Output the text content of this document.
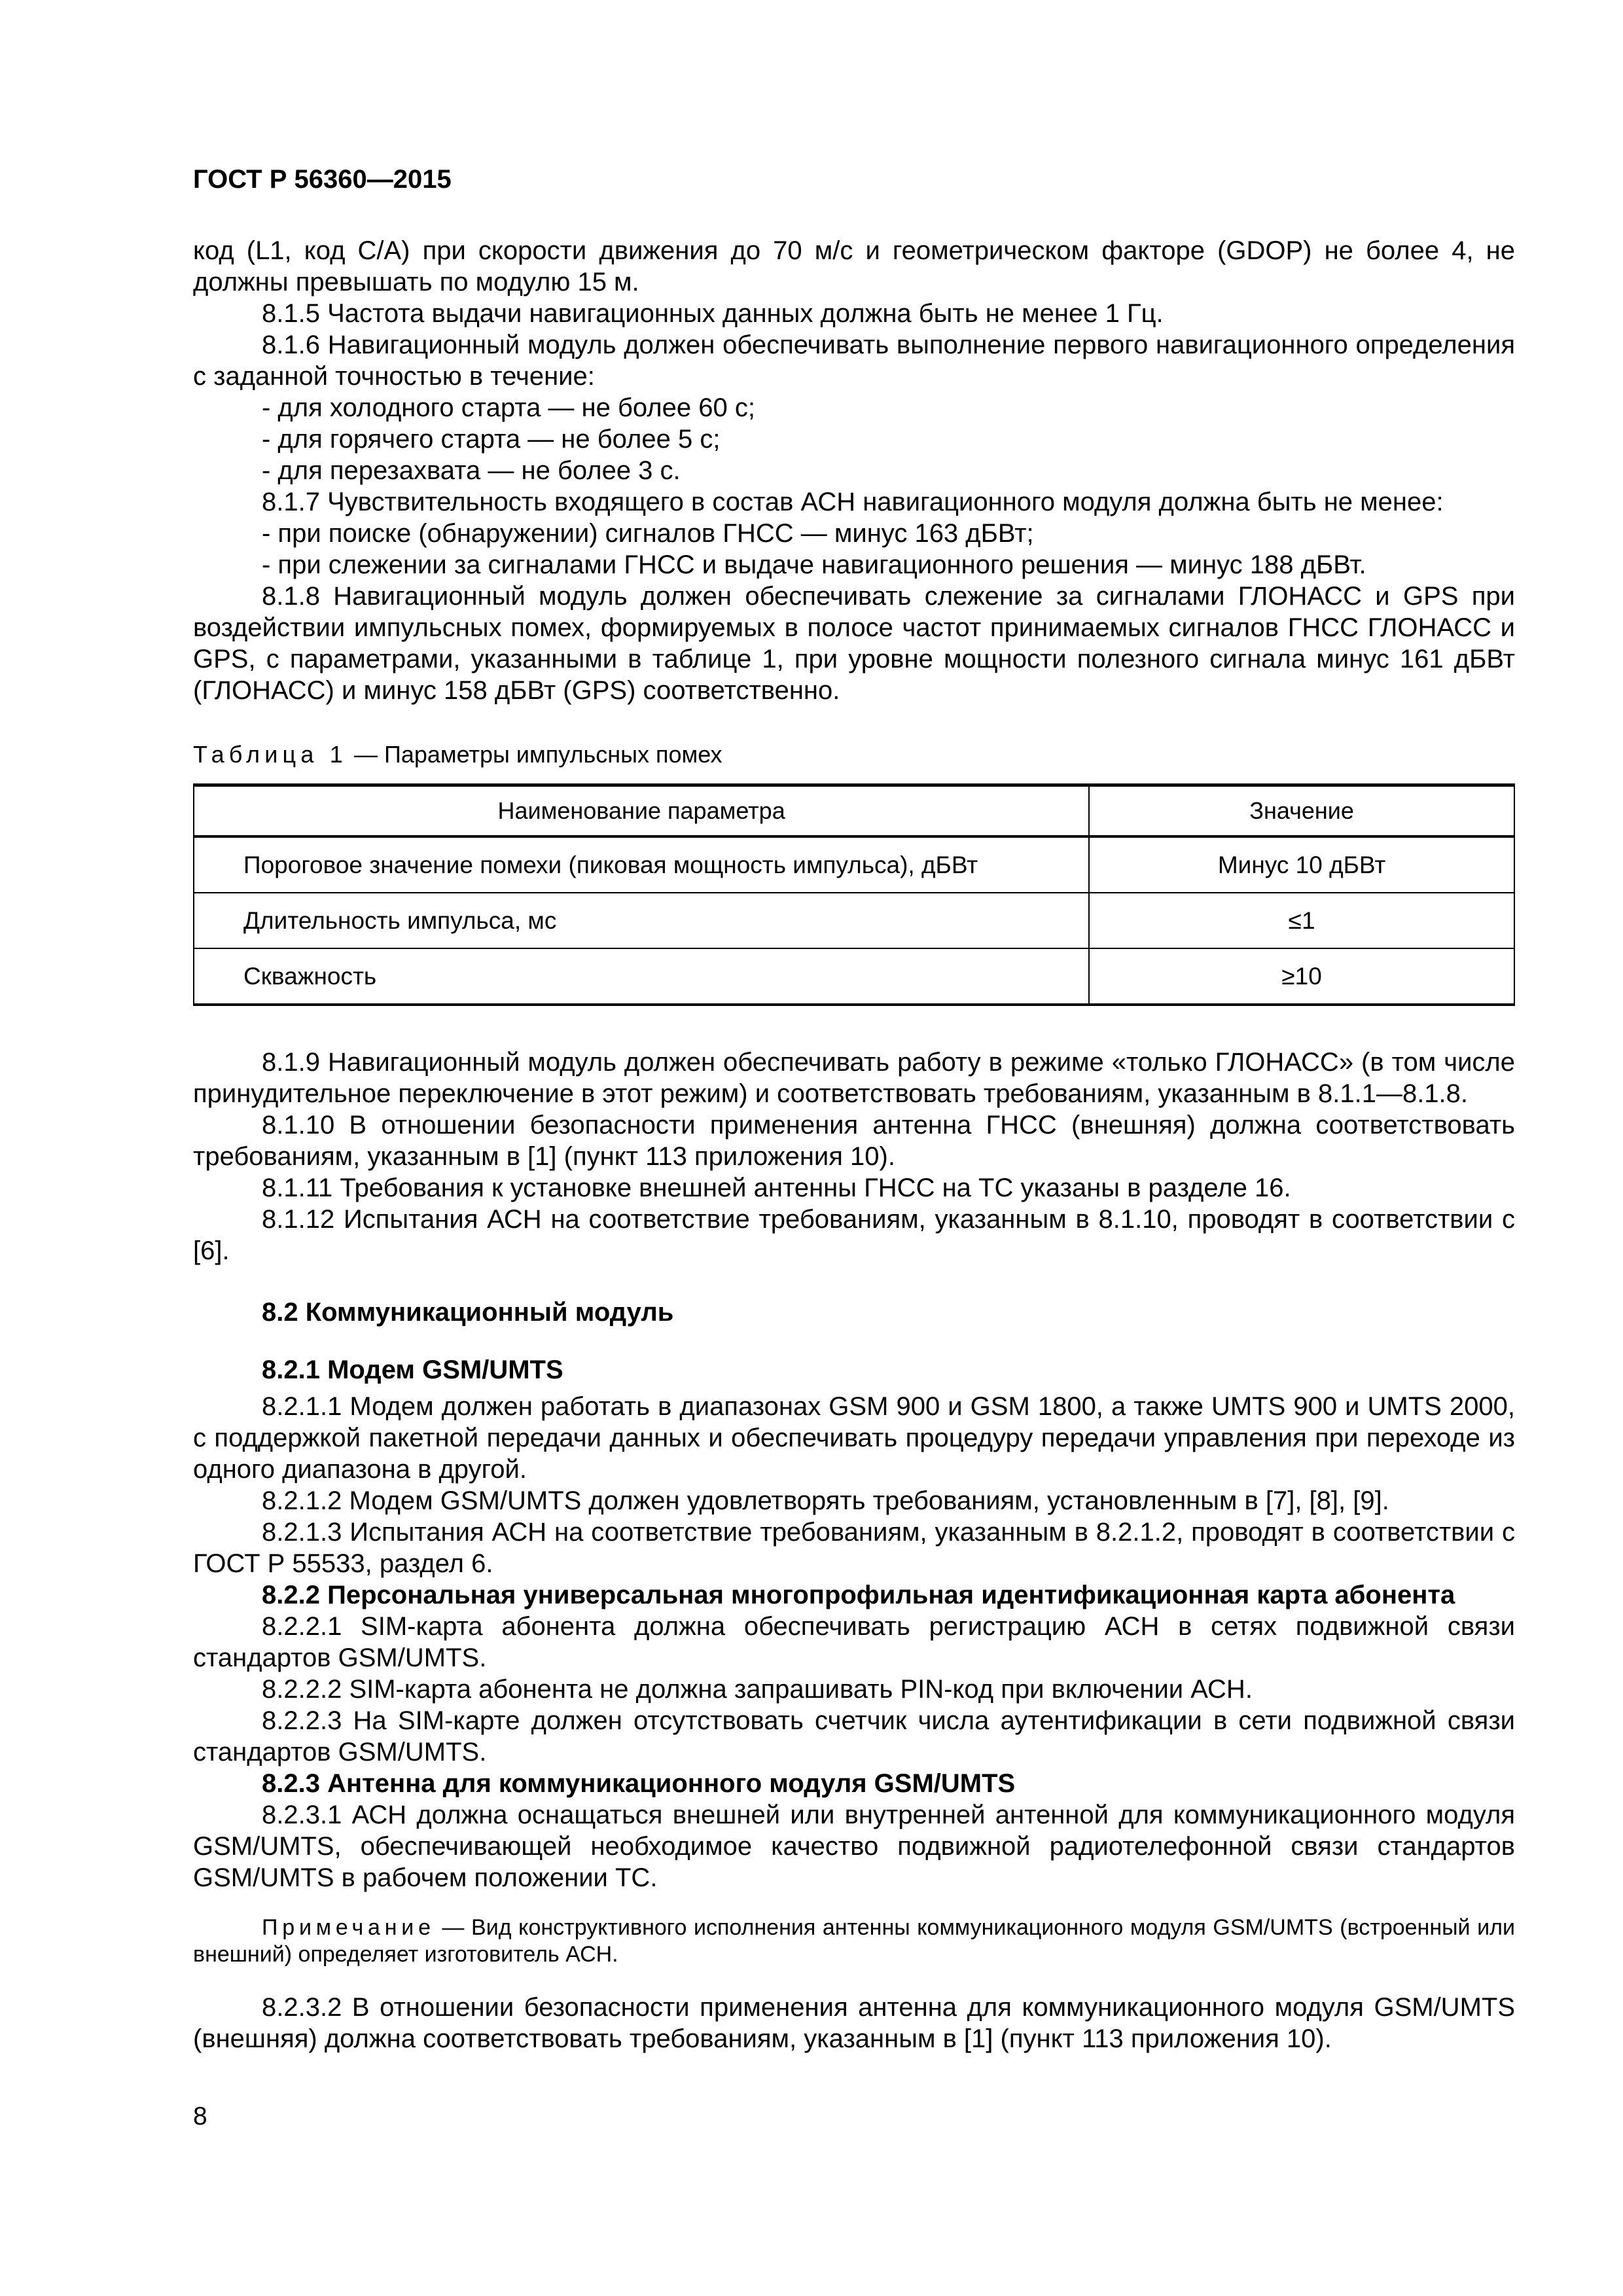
ГОСТ Р 56360—2015

код (L1, код C/A) при скорости движения до 70 м/с и геометрическом факторе (GDOP) не более 4, не должны превышать по модулю 15 м.

8.1.5 Частота выдачи навигационных данных должна быть не менее 1 Гц.

8.1.6 Навигационный модуль должен обеспечивать выполнение первого навигационного определения с заданной точностью в течение:

- для холодного старта — не более 60 с;

- для горячего старта — не более 5 с;

- для перезахвата — не более 3 с.

8.1.7 Чувствительность входящего в состав АСН навигационного модуля должна быть не менее:

- при поиске (обнаружении) сигналов ГНСС — минус 163 дБВт;

- при слежении за сигналами ГНСС и выдаче навигационного решения — минус 188 дБВт.

8.1.8 Навигационный модуль должен обеспечивать слежение за сигналами ГЛОНАСС и GPS при воздействии импульсных помех, формируемых в полосе частот принимаемых сигналов ГНСС ГЛОНАСС и GPS, с параметрами, указанными в таблице 1, при уровне мощности полезного сигнала минус 161 дБВт (ГЛОНАСС) и минус 158 дБВт (GPS) соответственно.

Таблица 1 — Параметры импульсных помех

Наименование параметра	Значение
Пороговое значение помехи (пиковая мощность импульса), дБВт	Минус 10 дБВт
Длительность импульса, мс	≤1
Скважность	≥10

8.1.9 Навигационный модуль должен обеспечивать работу в режиме «только ГЛОНАСС» (в том числе принудительное переключение в этот режим) и соответствовать требованиям, указанным в 8.1.1—8.1.8.

8.1.10 В отношении безопасности применения антенна ГНСС (внешняя) должна соответствовать требованиям, указанным в [1] (пункт 113 приложения 10).

8.1.11 Требования к установке внешней антенны ГНСС на ТС указаны в разделе 16.

8.1.12 Испытания АСН на соответствие требованиям, указанным в 8.1.10, проводят в соответствии с [6].

8.2 Коммуникационный модуль

8.2.1 Модем GSM/UMTS

8.2.1.1 Модем должен работать в диапазонах GSM 900 и GSM 1800, а также UMTS 900 и UMTS 2000, с поддержкой пакетной передачи данных и обеспечивать процедуру передачи управления при переходе из одного диапазона в другой.

8.2.1.2 Модем GSM/UMTS должен удовлетворять требованиям, установленным в [7], [8], [9].

8.2.1.3 Испытания АСН на соответствие требованиям, указанным в 8.2.1.2, проводят в соответствии с ГОСТ Р 55533, раздел 6.

8.2.2 Персональная универсальная многопрофильная идентификационная карта абонента

8.2.2.1 SIM-карта абонента должна обеспечивать регистрацию АСН в сетях подвижной связи стандартов GSM/UMTS.

8.2.2.2 SIM-карта абонента не должна запрашивать PIN-код при включении АСН.

8.2.2.3 На SIM-карте должен отсутствовать счетчик числа аутентификации в сети подвижной связи стандартов GSM/UMTS.

8.2.3 Антенна для коммуникационного модуля GSM/UMTS

8.2.3.1 АСН должна оснащаться внешней или внутренней антенной для коммуникационного модуля GSM/UMTS, обеспечивающей необходимое качество подвижной радиотелефонной связи стандартов GSM/UMTS в рабочем положении ТС.

Примечание — Вид конструктивного исполнения антенны коммуникационного модуля GSM/UMTS (встроенный или внешний) определяет изготовитель АСН.

8.2.3.2 В отношении безопасности применения антенна для коммуникационного модуля GSM/UMTS (внешняя) должна соответствовать требованиям, указанным в [1] (пункт 113 приложения 10).

8
